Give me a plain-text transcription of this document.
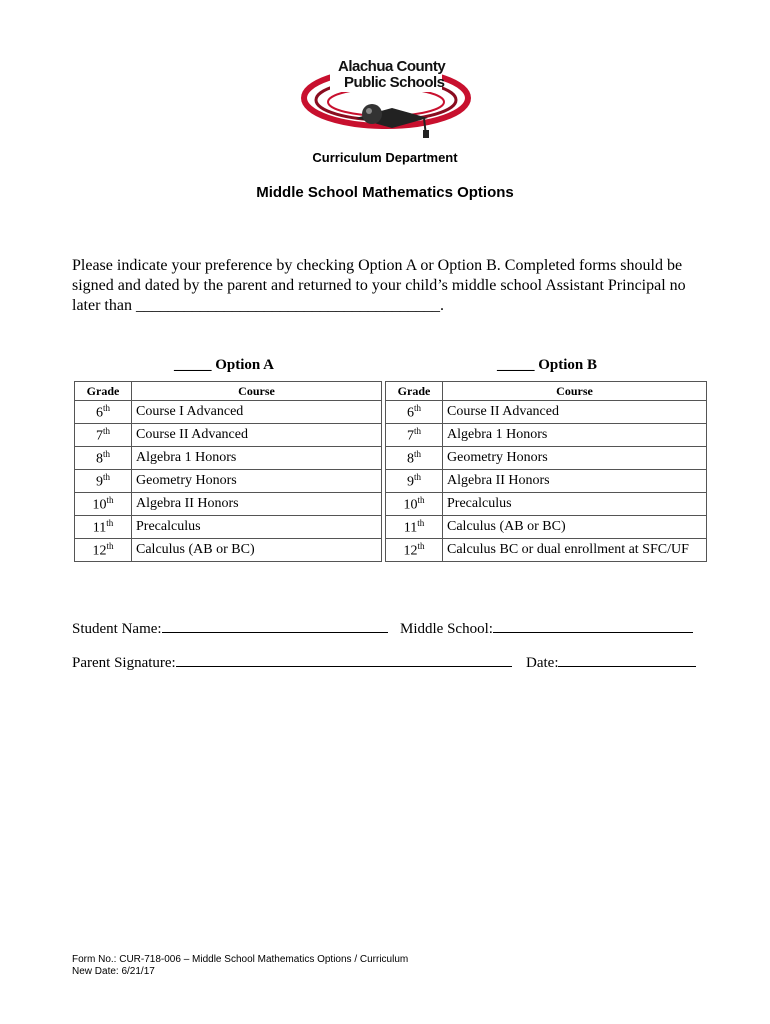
Alachua County
Public Schools
Curriculum Department
Middle School Mathematics Options
Please indicate your preference by checking Option A or Option B. Completed forms should be signed and dated by the parent and returned to your child’s middle school Assistant Principal no later than ______________________________________.
_____ Option A
Grade	Course
6th	Course I Advanced
7th	Course II Advanced
8th	Algebra 1 Honors
9th	Geometry Honors
10th	Algebra II Honors
11th	Precalculus
12th	Calculus (AB or BC)
_____ Option B
Grade	Course
6th	Course II Advanced
7th	Algebra 1 Honors
8th	Geometry Honors
9th	Algebra II Honors
10th	Precalculus
11th	Calculus (AB or BC)
12th	Calculus BC or dual enrollment at SFC/UF
Student Name:	Middle School:
Parent Signature:	Date:
Form No.: CUR-718-006 – Middle School Mathematics Options / Curriculum
New Date: 6/21/17
